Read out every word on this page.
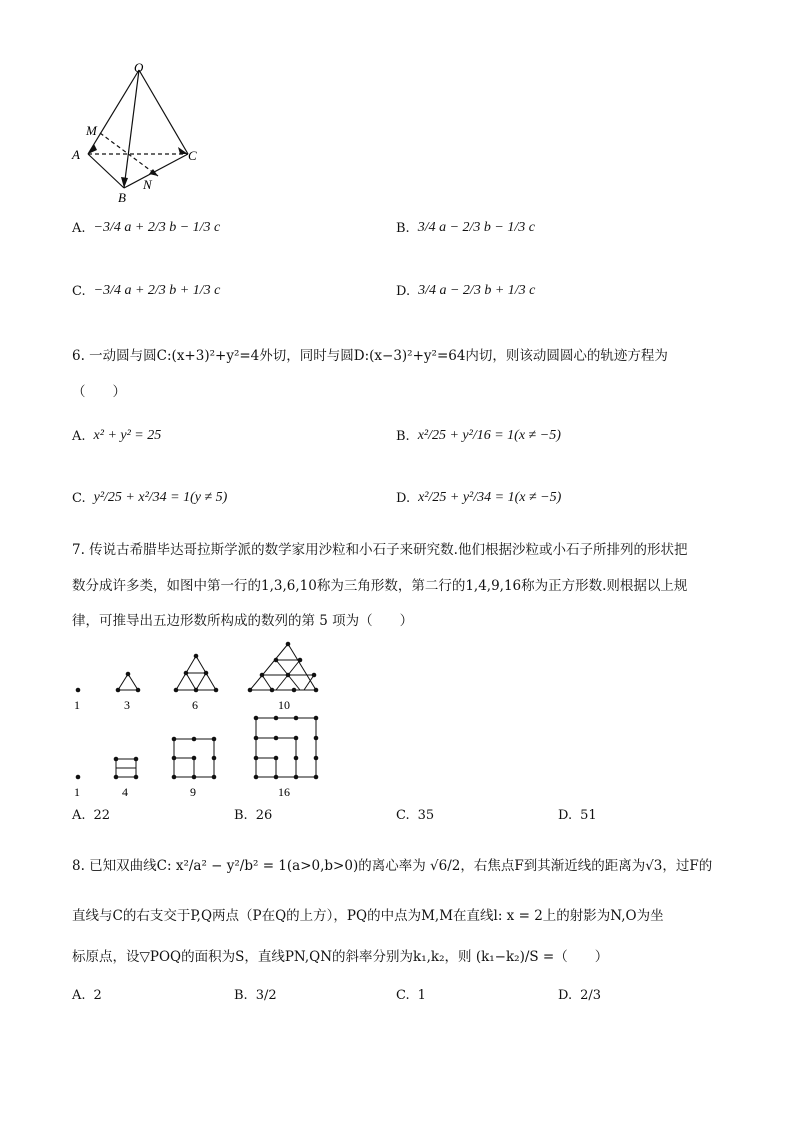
O
M
A	C
B
N
A. −3/4 a + 2/3 b − 1/3 c	B. 3/4 a − 2/3 b − 1/3 c
C. −3/4 a + 2/3 b + 1/3 c	D. 3/4 a − 2/3 b + 1/3 c
6. 一动圆与圆C:(x+3)²+y²=4外切，同时与圆D:(x−3)²+y²=64内切，则该动圆圆心的轨迹方程为
（　　）
A. x² + y² = 25	B. x²/25 + y²/16 = 1(x ≠ −5)
C. y²/25 + x²/34 = 1(y ≠ 5)	D. x²/25 + y²/34 = 1(x ≠ −5)
7. 传说古希腊毕达哥拉斯学派的数学家用沙粒和小石子来研究数.他们根据沙粒或小石子所排列的形状把
数分成许多类，如图中第一行的1,3,6,10称为三角形数，第二行的1,4,9,16称为正方形数.则根据以上规
律，可推导出五边形数所构成的数列的第 5 项为（　　）
1	3	6	10
1	4	9	16
A. 22	B. 26	C. 35	D. 51
8. 已知双曲线C: x²/a² − y²/b² = 1(a>0,b>0)的离心率为 √6/2，右焦点F到其渐近线的距离为√3，过F的
直线与C的右支交于P,Q两点（P在Q的上方），PQ的中点为M,M在直线l: x = 2上的射影为N,O为坐
标原点，设▽POQ的面积为S，直线PN,QN的斜率分别为k₁,k₂，则 (k₁−k₂)/S =（　　）
A. 2	B. 3/2	C. 1	D. 2/3
